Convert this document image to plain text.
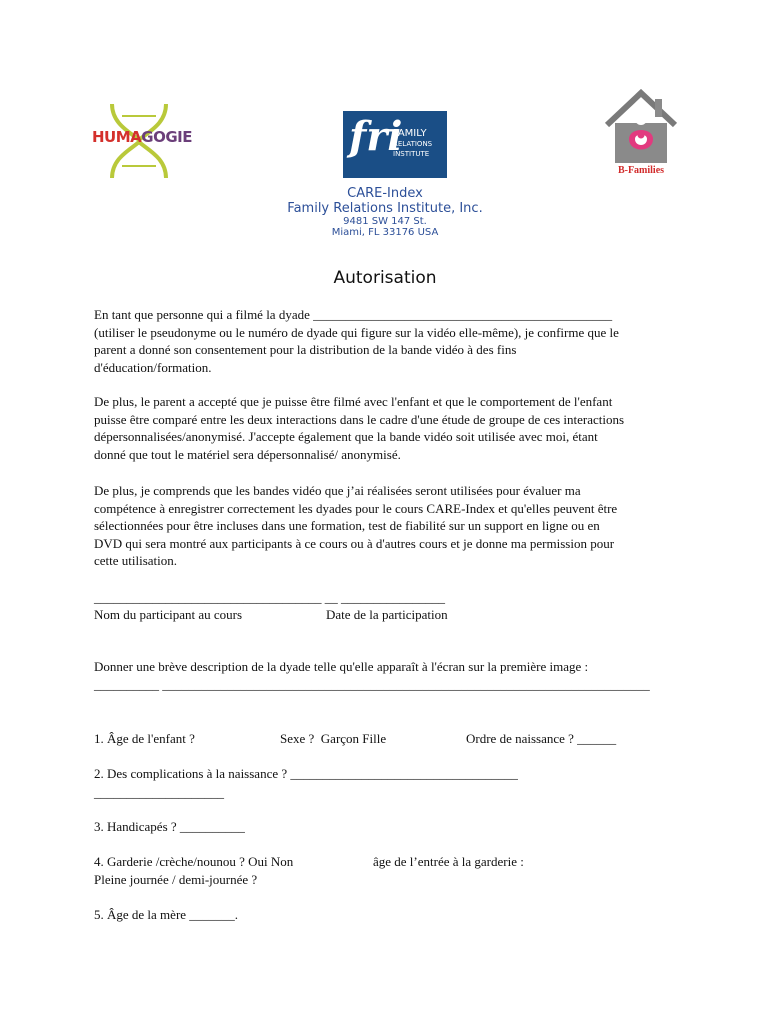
HUMAGOGIE	fri
FAMILY
RELATIONS
INSTITUTE
B-Families
CARE-Index
Family Relations Institute, Inc.
9481 SW 147 St.
Miami, FL 33176 USA
Autorisation
En tant que personne qui a filmé la dyade ______________________________________________
(utiliser le pseudonyme ou le numéro de dyade qui figure sur la vidéo elle-même), je confirme que le
parent a donné son consentement pour la distribution de la bande vidéo à des fins
d'éducation/formation.
De plus, le parent a accepté que je puisse être filmé avec l'enfant et que le comportement de l'enfant
puisse être comparé entre les deux interactions dans le cadre d'une étude de groupe de ces interactions
dépersonnalisées/anonymisé. J'accepte également que la bande vidéo soit utilisée avec moi, étant
donné que tout le matériel sera dépersonnalisé/ anonymisé.
De plus, je comprends que les bandes vidéo que j’ai réalisées seront utilisées pour évaluer ma
compétence à enregistrer correctement les dyades pour le cours CARE-Index et qu'elles peuvent être
sélectionnées pour être incluses dans une formation, test de fiabilité sur un support en ligne ou en
DVD qui sera montré aux participants à ce cours ou à d'autres cours et je donne ma permission pour
cette utilisation.
___________________________________ __ ________________
Nom du participant au cours	Date de la participation
Donner une brève description de la dyade telle qu'elle apparaît à l'écran sur la première image :
__________ ___________________________________________________________________________
1. Âge de l'enfant ?	Sexe ?  Garçon Fille	Ordre de naissance ? ______
2. Des complications à la naissance ? ___________________________________
____________________
3. Handicapés ? __________
4. Garderie /crèche/nounou ? Oui Non	âge de l’entrée à la garderie :
Pleine journée / demi-journée ?
5. Âge de la mère _______.
